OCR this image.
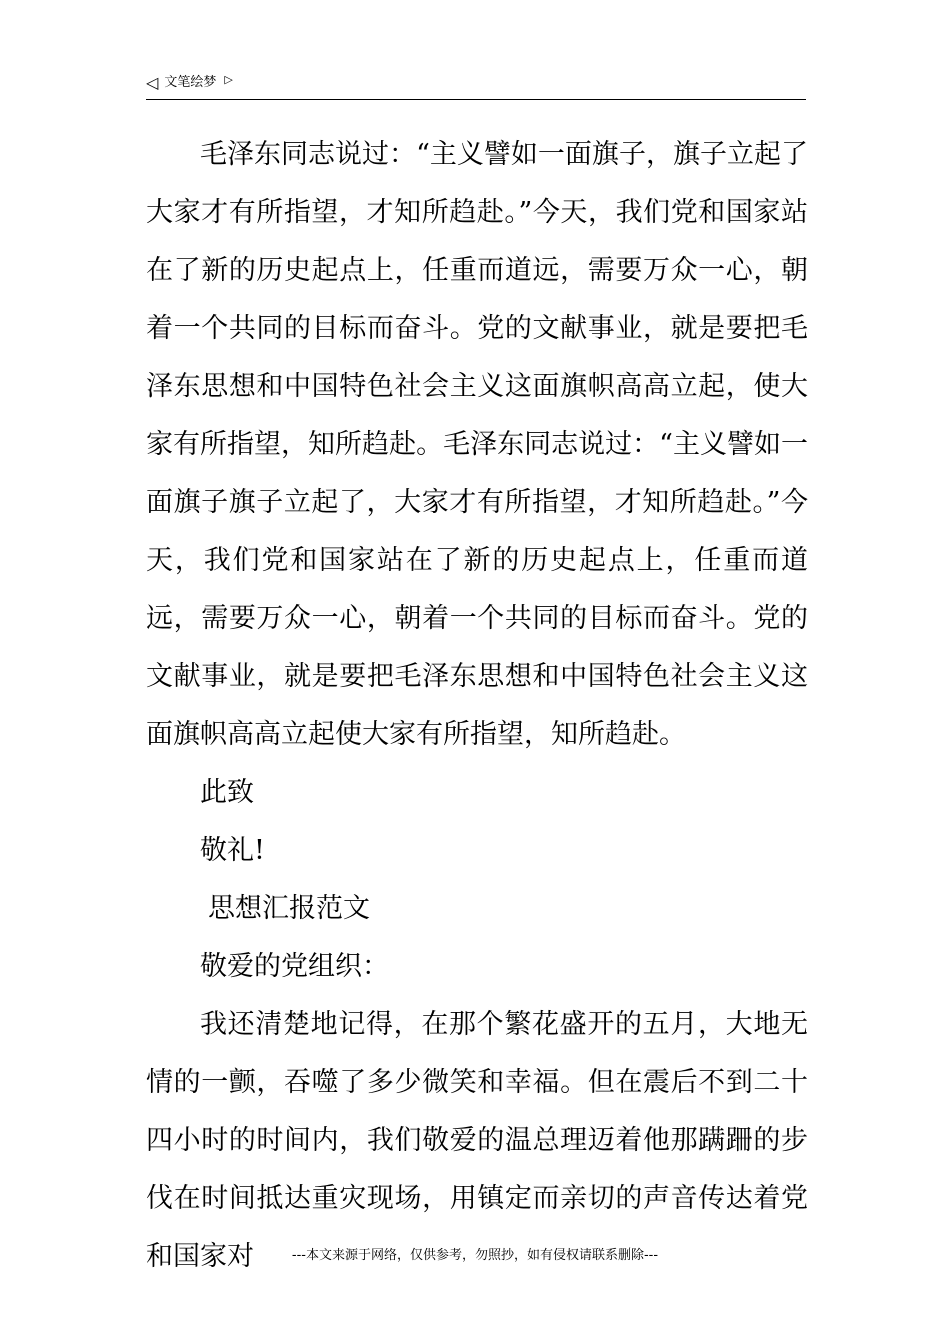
◁ 文笔绘梦 ▷

毛泽东同志说过：“主义譬如一面旗子，旗子立起了大家才有所指望，才知所趋赴。”今天，我们党和国家站在了新的历史起点上，任重而道远，需要万众一心，朝着一个共同的目标而奋斗。党的文献事业，就是要把毛泽东思想和中国特色社会主义这面旗帜高高立起，使大家有所指望，知所趋赴。毛泽东同志说过：“主义譬如一面旗子旗子立起了，大家才有所指望，才知所趋赴。”今天，我们党和国家站在了新的历史起点上，任重而道远，需要万众一心，朝着一个共同的目标而奋斗。党的文献事业，就是要把毛泽东思想和中国特色社会主义这面旗帜高高立起使大家有所指望，知所趋赴。

此致

敬礼!

思想汇报范文

敬爱的党组织：

我还清楚地记得，在那个繁花盛开的五月，大地无情的一颤，吞噬了多少微笑和幸福。但在震后不到二十四小时的时间内，我们敬爱的温总理迈着他那蹒跚的步伐在时间抵达重灾现场，用镇定而亲切的声音传达着党和国家对	---本文来源于网络，仅供参考，勿照抄，如有侵权请联系删除---
